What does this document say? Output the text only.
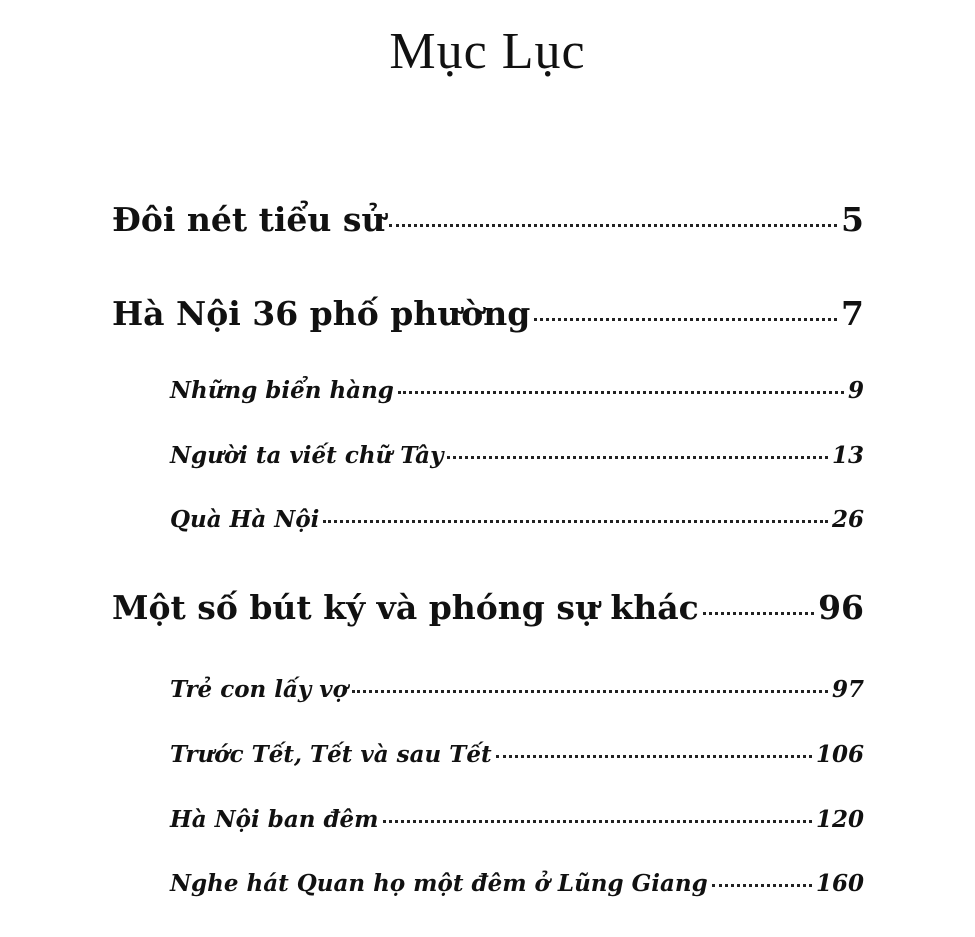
Mục Lục
Đôi nét tiểu sử	5
Hà Nội 36 phố phường	7
Những biển hàng	9
Người ta viết chữ Tây	13
Quà Hà Nội	26
Một số bút ký và phóng sự khác	96
Trẻ con lấy vợ	97
Trước Tết, Tết và sau Tết	106
Hà Nội ban đêm	120
Nghe hát Quan họ một đêm ở Lũng Giang	160
